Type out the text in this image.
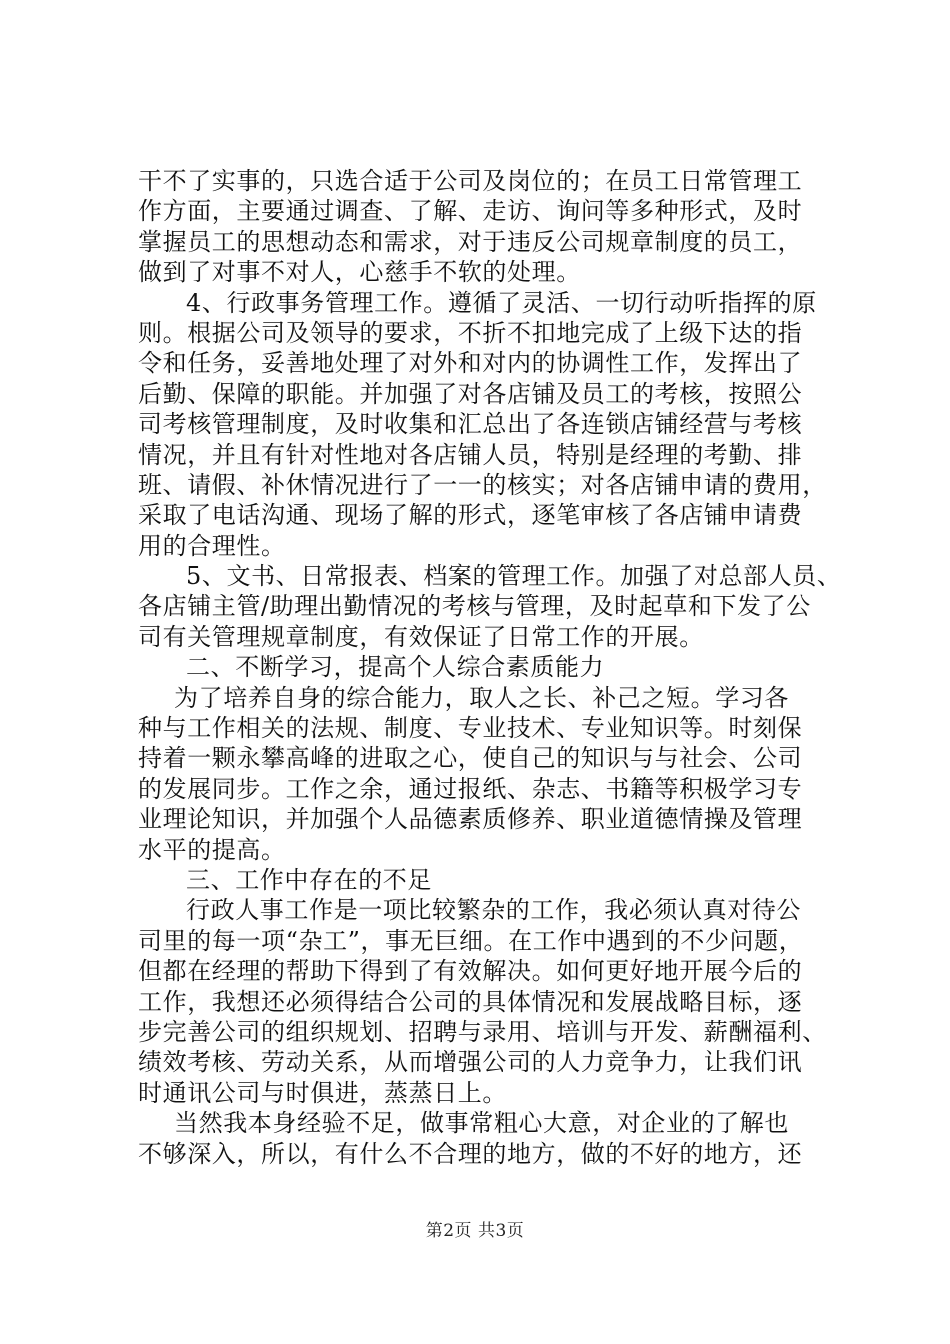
干不了实事的，只选合适于公司及岗位的；在员工日常管理工
作方面，主要通过调查、了解、走访、询问等多种形式，及时
掌握员工的思想动态和需求，对于违反公司规章制度的员工，
做到了对事不对人，心慈手不软的处理。
4、行政事务管理工作。遵循了灵活、一切行动听指挥的原
则。根据公司及领导的要求，不折不扣地完成了上级下达的指
令和任务，妥善地处理了对外和对内的协调性工作，发挥出了
后勤、保障的职能。并加强了对各店铺及员工的考核，按照公
司考核管理制度，及时收集和汇总出了各连锁店铺经营与考核
情况，并且有针对性地对各店铺人员，特别是经理的考勤、排
班、请假、补休情况进行了一一的核实；对各店铺申请的费用，
采取了电话沟通、现场了解的形式，逐笔审核了各店铺申请费
用的合理性。
5、文书、日常报表、档案的管理工作。加强了对总部人员、
各店铺主管/助理出勤情况的考核与管理，及时起草和下发了公
司有关管理规章制度，有效保证了日常工作的开展。
二、不断学习，提高个人综合素质能力
为了培养自身的综合能力，取人之长、补己之短。学习各
种与工作相关的法规、制度、专业技术、专业知识等。时刻保
持着一颗永攀高峰的进取之心，使自己的知识与与社会、公司
的发展同步。工作之余，通过报纸、杂志、书籍等积极学习专
业理论知识，并加强个人品德素质修养、职业道德情操及管理
水平的提高。
三、工作中存在的不足
行政人事工作是一项比较繁杂的工作，我必须认真对待公
司里的每一项“杂工”，事无巨细。在工作中遇到的不少问题，
但都在经理的帮助下得到了有效解决。如何更好地开展今后的
工作，我想还必须得结合公司的具体情况和发展战略目标，逐
步完善公司的组织规划、招聘与录用、培训与开发、薪酬福利、
绩效考核、劳动关系，从而增强公司的人力竞争力，让我们讯
时通讯公司与时俱进，蒸蒸日上。
当然我本身经验不足，做事常粗心大意，对企业的了解也
不够深入，所以，有什么不合理的地方，做的不好的地方，还
第2页 共3页
